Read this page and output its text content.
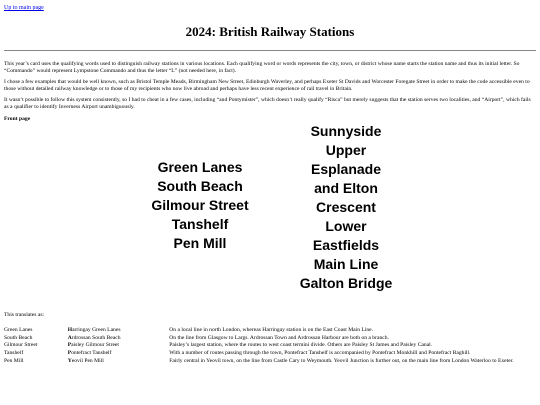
Up to main page
2024: British Railway Stations

This year’s card uses the qualifying words used to distinguish railway stations in various locations. Each qualifying word or words represents the city, town, or district whose name starts the station name and thus its initial letter. So “Commando” would represent Lympstone Commando and thus the letter “L” (not needed here, in fact).

I chose a few examples that would be well known, such as Bristol Temple Meads, Birmingham New Street, Edinburgh Waverley, and perhaps Exeter St Davids and Worcester Foregate Street in order to make the code accessible even to those without detailed railway knowledge or to those of my recipients who now live abroad and perhaps have less recent experience of rail travel in Britain.

It wasn’t possible to follow this system consistently, so I had to cheat in a few cases, including “and Pontymister”, which doesn’t really qualify “Risca” but merely suggests that the station serves two localities, and “Airport”, which fails as a qualifier to identify Inverness Airport unambiguously.

Front page

Green Lanes
South Beach
Gilmour Street
Tanshelf
Pen Mill
Sunnyside
Upper
Esplanade
and Elton
Crescent
Lower
Eastfields
Main Line
Galton Bridge

This translates as:

Green Lanes	Harringay Green Lanes	On a local line in north London, whereas Harringay station is on the East Coast Main Line.
South Beach	Ardrossan South Beach	On the line from Glasgow to Largs. Ardrossan Town and Ardrossan Harbour are both on a branch.
Gilmour Street	Paisley Gilmour Street	Paisley’s largest station, where the routes to west coast termini divide. Others are Paisley St James and Paisley Canal.
Tanshelf	Pontefract Tanshelf	With a number of routes passing through the town, Pontefract Tanshelf is accompanied by Pontefract Monkhill and Pontefract Baghill.
Pen Mill	Yeovil Pen Mill	Fairly central in Yeovil town, on the line from Castle Cary to Weymouth. Yeovil Junction is further out, on the main line from London Waterloo to Exeter.
